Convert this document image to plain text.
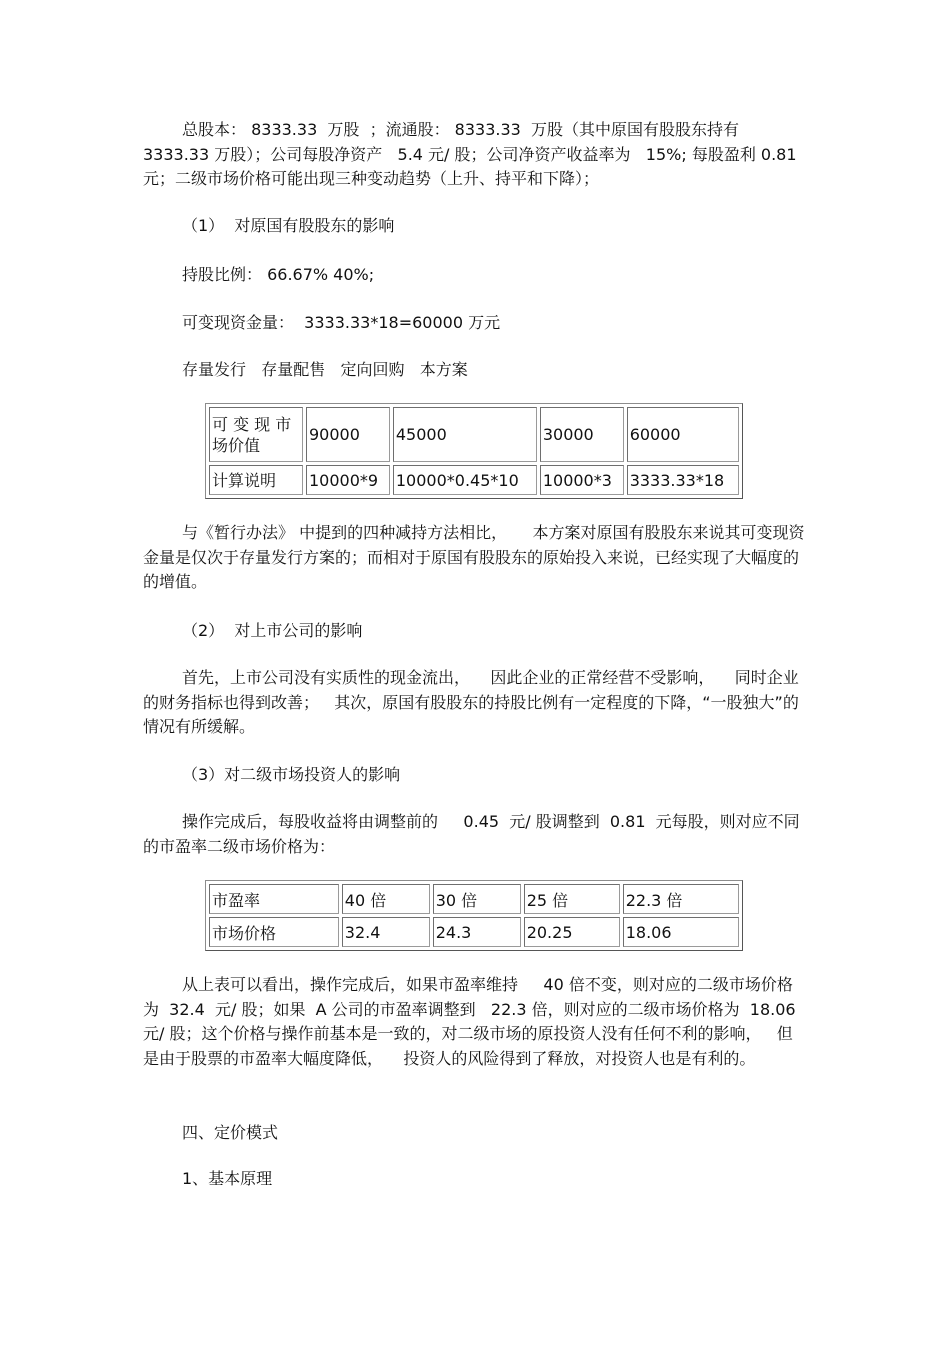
总股本： 8333.33  万股  ；流通股： 8333.33  万股（其中原国有股股东持有 3333.33 万股）；公司每股净资产   5.4 元/ 股；公司净资产收益率为   15%; 每股盈利 0.81 元；二级市场价格可能出现三种变动趋势（上升、持平和下降）；

（1）  对原国有股股东的影响

持股比例： 66.67% 40%;

可变现资金量：  3333.33*18=60000 万元

存量发行   存量配售   定向回购   本方案

可 变 现 市场价值	90000	45000	30000	60000
计算说明	10000*9	10000*0.45*10	10000*3	3333.33*18

与《暂行办法》 中提到的四种减持方法相比，     本方案对原国有股股东来说其可变现资金量是仅次于存量发行方案的；而相对于原国有股股东的原始投入来说，已经实现了大幅度的的增值。

（2）  对上市公司的影响

首先，上市公司没有实质性的现金流出，    因此企业的正常经营不受影响，    同时企业的财务指标也得到改善；   其次，原国有股股东的持股比例有一定程度的下降，“一股独大”的情况有所缓解。

（3）对二级市场投资人的影响

操作完成后，每股收益将由调整前的     0.45  元/ 股调整到  0.81  元每股，则对应不同的市盈率二级市场价格为：

市盈率	40 倍	30 倍	25 倍	22.3 倍
市场价格	32.4	24.3	20.25	18.06

从上表可以看出，操作完成后，如果市盈率维持     40 倍不变，则对应的二级市场价格为  32.4  元/ 股；如果  A 公司的市盈率调整到   22.3 倍，则对应的二级市场价格为  18.06  元/ 股；这个价格与操作前基本是一致的，对二级市场的原投资人没有任何不利的影响，   但是由于股票的市盈率大幅度降低，    投资人的风险得到了释放，对投资人也是有利的。

四、定价模式

1、基本原理
